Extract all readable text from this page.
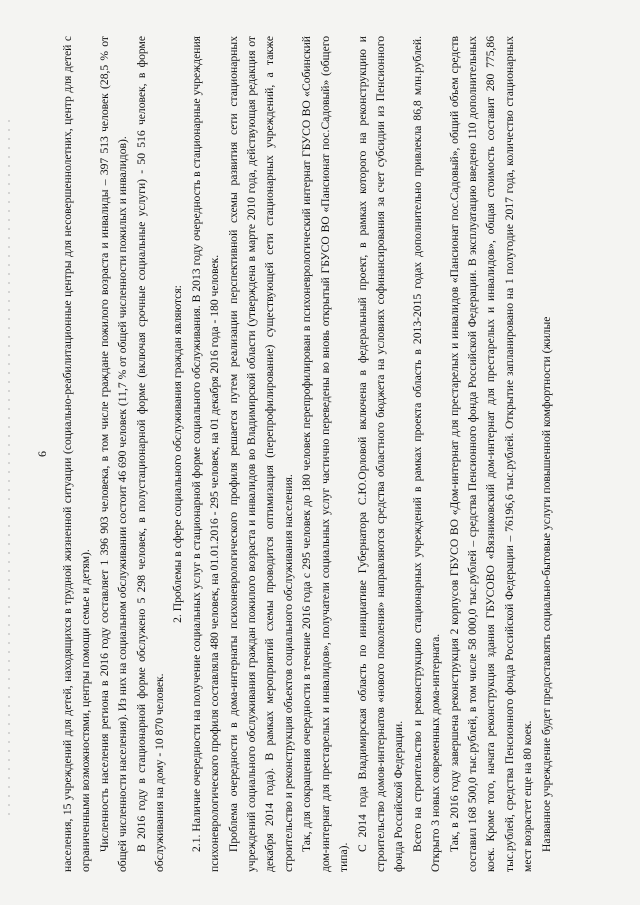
6	населения, 15 учреждений для детей, находящихся в трудной жизненной ситуации (социально-реабилитационные центры для несовершеннолетних, центр для детей с ограниченными возможностями, центры помощи семье и детям). Численность населения региона в 2016 году составляет 1 396 903 человека, в том числе граждане пожилого возраста и инвалиды – 397 513 человек (28,5 % от общей численности населения). Из них на социальном обслуживании состоит 46 690 человек (11,7 % от общей численности пожилых и инвалидов). В 2016 году в стационарной форме обслужено 5 298 человек, в полустационарной форме (включая срочные социальные услуги) - 50 516 человек, в форме обслуживания на дому - 10 870 человек.

2. Проблемы в сфере социального обслуживания граждан являются: 2.1. Наличие очередности на получение социальных услуг в стационарной форме социального обслуживания. В 2013 году очередность в стационарные учреждения психоневрологического профиля составляла 480 человек, на 01.01.2016 - 295 человек, на 01 декабря 2016 года - 180 человек. Проблема очередности в дома-интернаты психоневрологического профиля решается путем реализации перспективной схемы развития сети стационарных учреждений социального обслуживания граждан пожилого возраста и инвалидов во Владимирской области (утверждена в марте 2010 года, действующая редакция от декабря 2014 года). В рамках мероприятий схемы проводится оптимизация (перепрофилирование) существующей сети стационарных учреждений, а также строительство и реконструкция объектов социального обслуживания населения. Так, для сокращения очередности в течение 2016 года с 295 человек до 180 человек перепрофилирован в психоневрологический интернат ГБУСО ВО «Собинский дом-интернат для престарелых и инвалидов», получатели социальных услуг частично переведены во вновь открытый ГБУСО ВО «Пансионат пос.Садовый» (общего типа).

С 2014 года Владимирская область по инициативе Губернатора С.Ю.Орловой включена в федеральный проект, в рамках которого на реконструкцию и строительство домов-интернатов «нового поколения» направляются средства областного бюджета на условиях софинансирования за счет субсидии из Пенсионного фонда Российской Федерации. Всего на строительство и реконструкцию стационарных учреждений в рамках проекта область в 2013-2015 годах дополнительно привлекла 86,8 млн.рублей. Открыто 3 новых современных дома-интерната. Так, в 2016 году завершена реконструкция 2 корпусов ГБУСО ВО «Дом-интернат для престарелых и инвалидов «Пансионат пос.Садовый», общий объем средств составил 168 500,0 тыс.рублей, в том числе 58 000,0 тыс.рублей – средства Пенсионного фонда Российской Федерации. В эксплуатацию введено 110 дополнительных коек. Кроме того, начата реконструкция здания ГБУСОВО «Вязниковский дом-интернат для престарелых и инвалидов», общая стоимость составит 280 775,86 тыс.рублей, средства Пенсионного фонда Российской Федерации – 76196,6 тыс.рублей. Открытие запланировано на 1 полугодие 2017 года, количество стационарных мест возрастет еще на 80 коек. Названное учреждение будет предоставлять социально-бытовые услуги повышенной комфортности (жилые
